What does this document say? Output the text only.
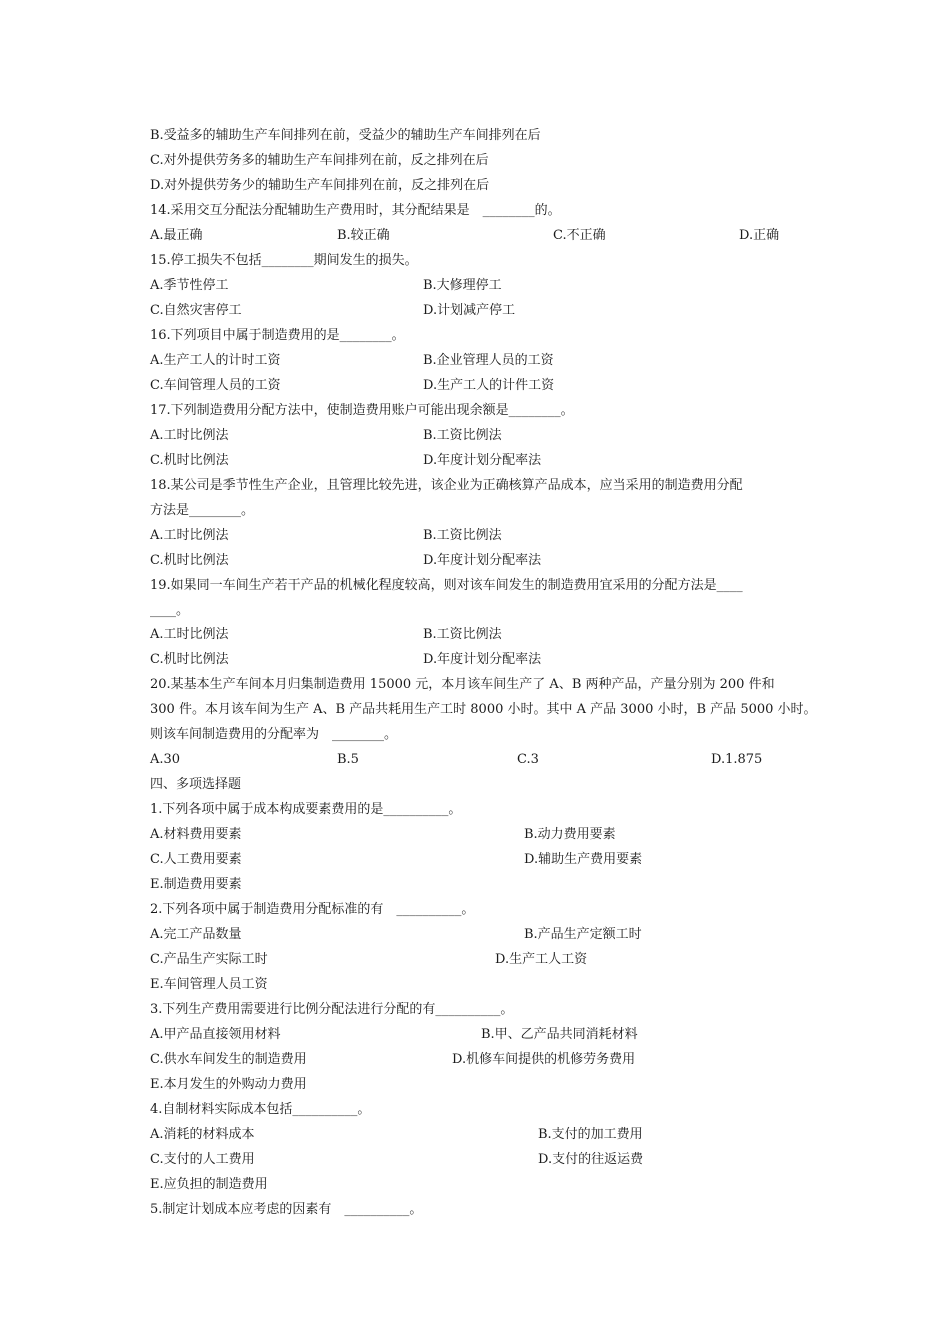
B.受益多的辅助生产车间排列在前，受益少的辅助生产车间排列在后
C.对外提供劳务多的辅助生产车间排列在前，反之排列在后
D.对外提供劳务少的辅助生产车间排列在前，反之排列在后
14.采用交互分配法分配辅助生产费用时，其分配结果是　________的。
A.最正确	B.较正确	C.不正确	D.正确
15.停工损失不包括________期间发生的损失。
A.季节性停工	B.大修理停工
C.自然灾害停工	D.计划减产停工
16.下列项目中属于制造费用的是________。
A.生产工人的计时工资	B.企业管理人员的工资
C.车间管理人员的工资	D.生产工人的计件工资
17.下列制造费用分配方法中，使制造费用账户可能出现余额是________。
A.工时比例法	B.工资比例法
C.机时比例法	D.年度计划分配率法
18.某公司是季节性生产企业，且管理比较先进，该企业为正确核算产品成本，应当采用的制造费用分配
方法是________。
A.工时比例法	B.工资比例法
C.机时比例法	D.年度计划分配率法
19.如果同一车间生产若干产品的机械化程度较高，则对该车间发生的制造费用宜采用的分配方法是____
____。
A.工时比例法	B.工资比例法
C.机时比例法	D.年度计划分配率法
20.某基本生产车间本月归集制造费用 15000 元，本月该车间生产了 A、B 两种产品，产量分别为 200 件和
300 件。本月该车间为生产 A、B 产品共耗用生产工时 8000 小时。其中 A 产品 3000 小时，B 产品 5000 小时。
则该车间制造费用的分配率为　________。
A.30	B.5	C.3	D.1.875
四、多项选择题
1.下列各项中属于成本构成要素费用的是__________。
A.材料费用要素	B.动力费用要素
C.人工费用要素	D.辅助生产费用要素
E.制造费用要素
2.下列各项中属于制造费用分配标准的有　__________。
A.完工产品数量	B.产品生产定额工时
C.产品生产实际工时	D.生产工人工资
E.车间管理人员工资
3.下列生产费用需要进行比例分配法进行分配的有__________。
A.甲产品直接领用材料	B.甲、乙产品共同消耗材料
C.供水车间发生的制造费用	D.机修车间提供的机修劳务费用
E.本月发生的外购动力费用
4.自制材料实际成本包括__________。
A.消耗的材料成本	B.支付的加工费用
C.支付的人工费用	D.支付的往返运费
E.应负担的制造费用
5.制定计划成本应考虑的因素有　__________。
